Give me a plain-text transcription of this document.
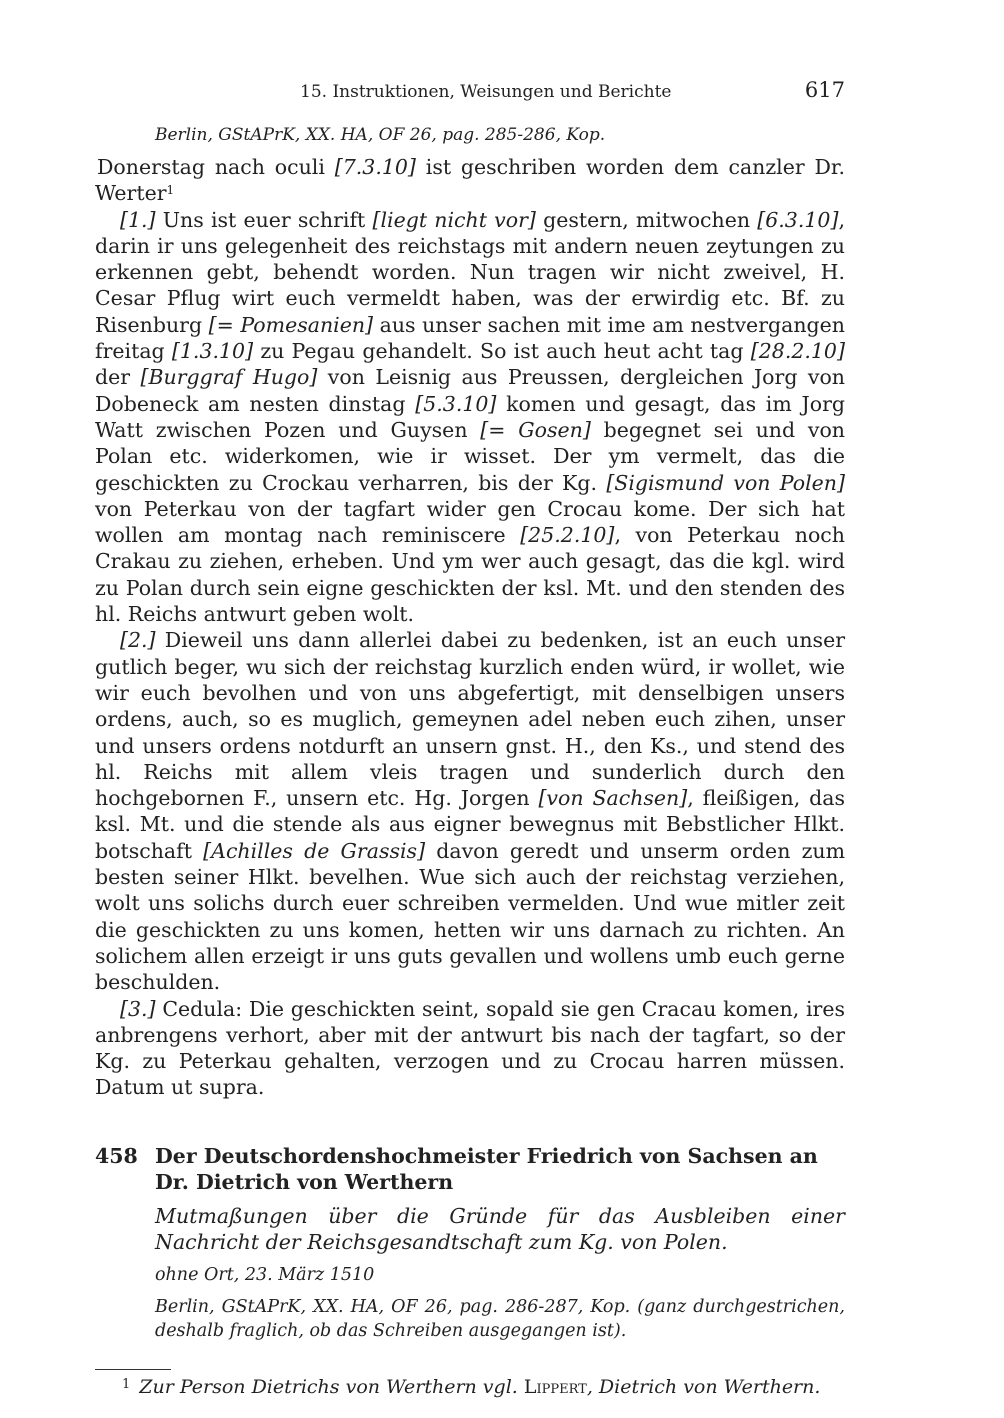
15. Instruktionen, Weisungen und Berichte	617
Berlin, GStAPrK, XX. HA, OF 26, pag. 285-286, Kop.

Donerstag nach oculi [7.3.10] ist geschriben worden dem canzler Dr. Werter$^1$

[1.] Uns ist euer schrift [liegt nicht vor] gestern, mitwochen [6.3.10], darin ir uns gelegenheit des reichstags mit andern neuen zeytungen zu erkennen gebt, behendt worden. Nun tragen wir nicht zweivel, H. Cesar Pflug wirt euch vermeldt haben, was der erwirdig etc. Bf. zu Risenburg [= Pomesanien] aus unser sachen mit ime am nestvergangen freitag [1.3.10] zu Pegau gehandelt. So ist auch heut acht tag [28.2.10] der [Burggraf Hugo] von Leisnig aus Preussen, dergleichen Jorg von Dobeneck am nesten dinstag [5.3.10] komen und gesagt, das im Jorg Watt zwischen Pozen und Guysen [= Gosen] begegnet sei und von Polan etc. widerkomen, wie ir wisset. Der ym vermelt, das die geschickten zu Crockau verharren, bis der Kg. [Sigismund von Polen] von Peterkau von der tagfart wider gen Crocau kome. Der sich hat wollen am montag nach reminiscere [25.2.10], von Peterkau noch Crakau zu ziehen, erheben. Und ym wer auch gesagt, das die kgl. wird zu Polan durch sein eigne geschickten der ksl. Mt. und den stenden des hl. Reichs antwurt geben wolt.

[2.] Dieweil uns dann allerlei dabei zu bedenken, ist an euch unser gutlich beger, wu sich der reichstag kurzlich enden würd, ir wollet, wie wir euch bevolhen und von uns abgefertigt, mit denselbigen unsers ordens, auch, so es muglich, gemeynen adel neben euch zihen, unser und unsers ordens notdurft an unsern gnst. H., den Ks., und stend des hl. Reichs mit allem vleis tragen und sunderlich durch den hochgebornen F., unsern etc. Hg. Jorgen [von Sachsen], fleißigen, das ksl. Mt. und die stende als aus eigner bewegnus mit Bebstlicher Hlkt. botschaft [Achilles de Grassis] davon geredt und unserm orden zum besten seiner Hlkt. bevelhen. Wue sich auch der reichstag verziehen, wolt uns solichs durch euer schreiben vermelden. Und wue mitler zeit die geschickten zu uns komen, hetten wir uns darnach zu richten. An solichem allen erzeigt ir uns guts gevallen und wollens umb euch gerne beschulden.

[3.] Cedula: Die geschickten seint, sopald sie gen Cracau komen, ires anbrengens verhort, aber mit der antwurt bis nach der tagfart, so der Kg. zu Peterkau gehalten, verzogen und zu Crocau harren müssen. Datum ut supra.

458 Der Deutschordenshochmeister Friedrich von Sachsen an Dr. Dietrich von Werthern
Mutmaßungen über die Gründe für das Ausbleiben einer Nachricht der Reichsgesandtschaft zum Kg. von Polen.
ohne Ort, 23. März 1510
Berlin, GStAPrK, XX. HA, OF 26, pag. 286-287, Kop. (ganz durchgestrichen, deshalb fraglich, ob das Schreiben ausgegangen ist).
$^1$ Zur Person Dietrichs von Werthern vgl. Lippert, Dietrich von Werthern.
